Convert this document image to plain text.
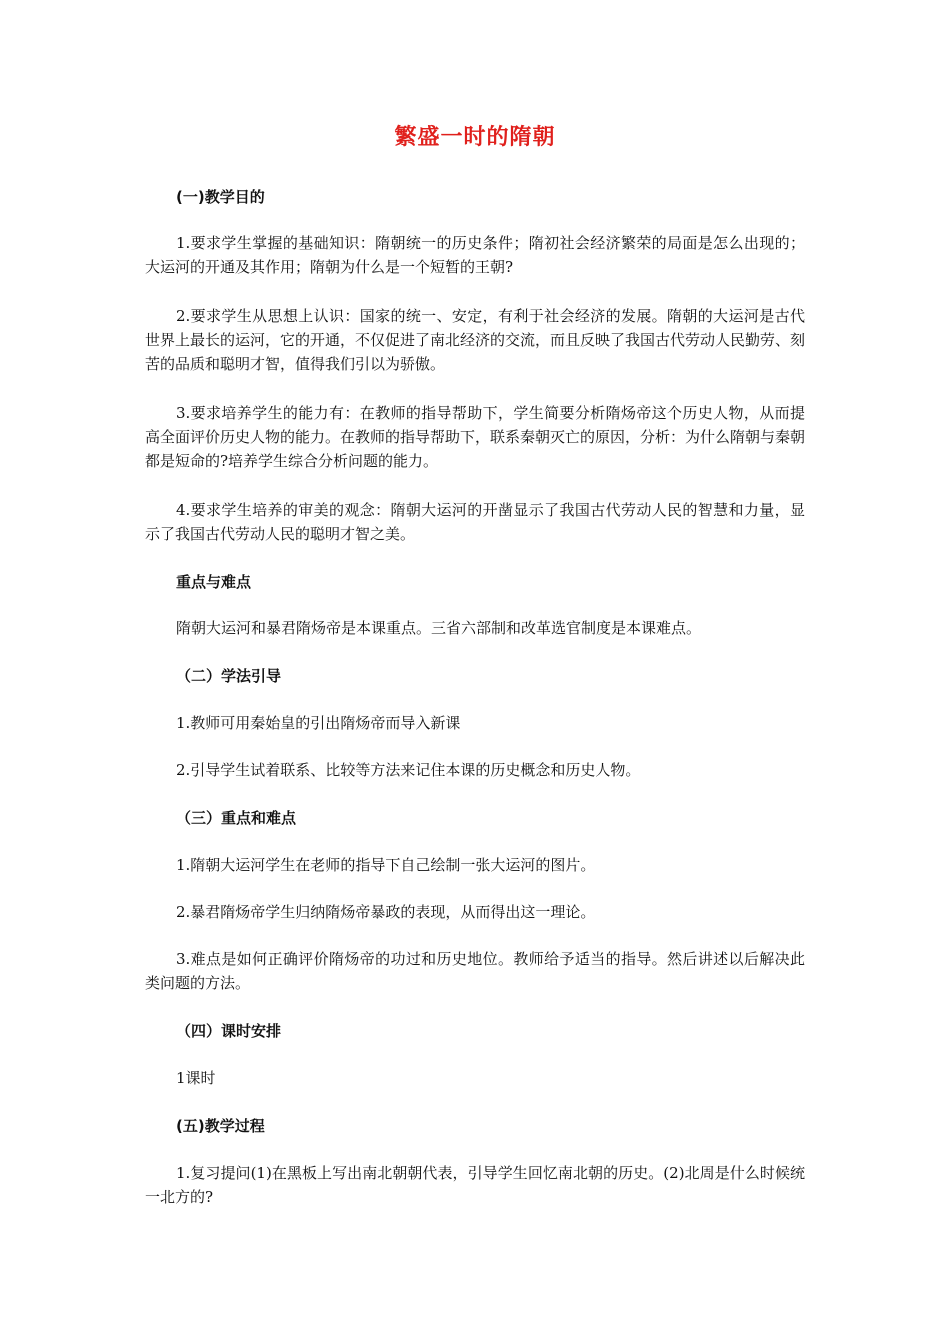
繁盛一时的隋朝
(一)教学目的
1.要求学生掌握的基础知识：隋朝统一的历史条件；隋初社会经济繁荣的局面是怎么出现的；大运河的开通及其作用；隋朝为什么是一个短暂的王朝?
2.要求学生从思想上认识：国家的统一、安定，有利于社会经济的发展。隋朝的大运河是古代世界上最长的运河，它的开通，不仅促进了南北经济的交流，而且反映了我国古代劳动人民勤劳、刻苦的品质和聪明才智，值得我们引以为骄傲。
3.要求培养学生的能力有：在教师的指导帮助下，学生简要分析隋炀帝这个历史人物，从而提高全面评价历史人物的能力。在教师的指导帮助下，联系秦朝灭亡的原因，分析：为什么隋朝与秦朝都是短命的?培养学生综合分析问题的能力。
4.要求学生培养的审美的观念：隋朝大运河的开凿显示了我国古代劳动人民的智慧和力量，显示了我国古代劳动人民的聪明才智之美。
重点与难点
隋朝大运河和暴君隋炀帝是本课重点。三省六部制和改革选官制度是本课难点。
（二）学法引导
1.教师可用秦始皇的引出隋炀帝而导入新课
2.引导学生试着联系、比较等方法来记住本课的历史概念和历史人物。
（三）重点和难点
1.隋朝大运河学生在老师的指导下自己绘制一张大运河的图片。
2.暴君隋炀帝学生归纳隋炀帝暴政的表现，从而得出这一理论。
3.难点是如何正确评价隋炀帝的功过和历史地位。教师给予适当的指导。然后讲述以后解决此类问题的方法。
（四）课时安排
1课时
(五)教学过程
1.复习提问(1)在黑板上写出南北朝朝代表，引导学生回忆南北朝的历史。(2)北周是什么时候统一北方的?
